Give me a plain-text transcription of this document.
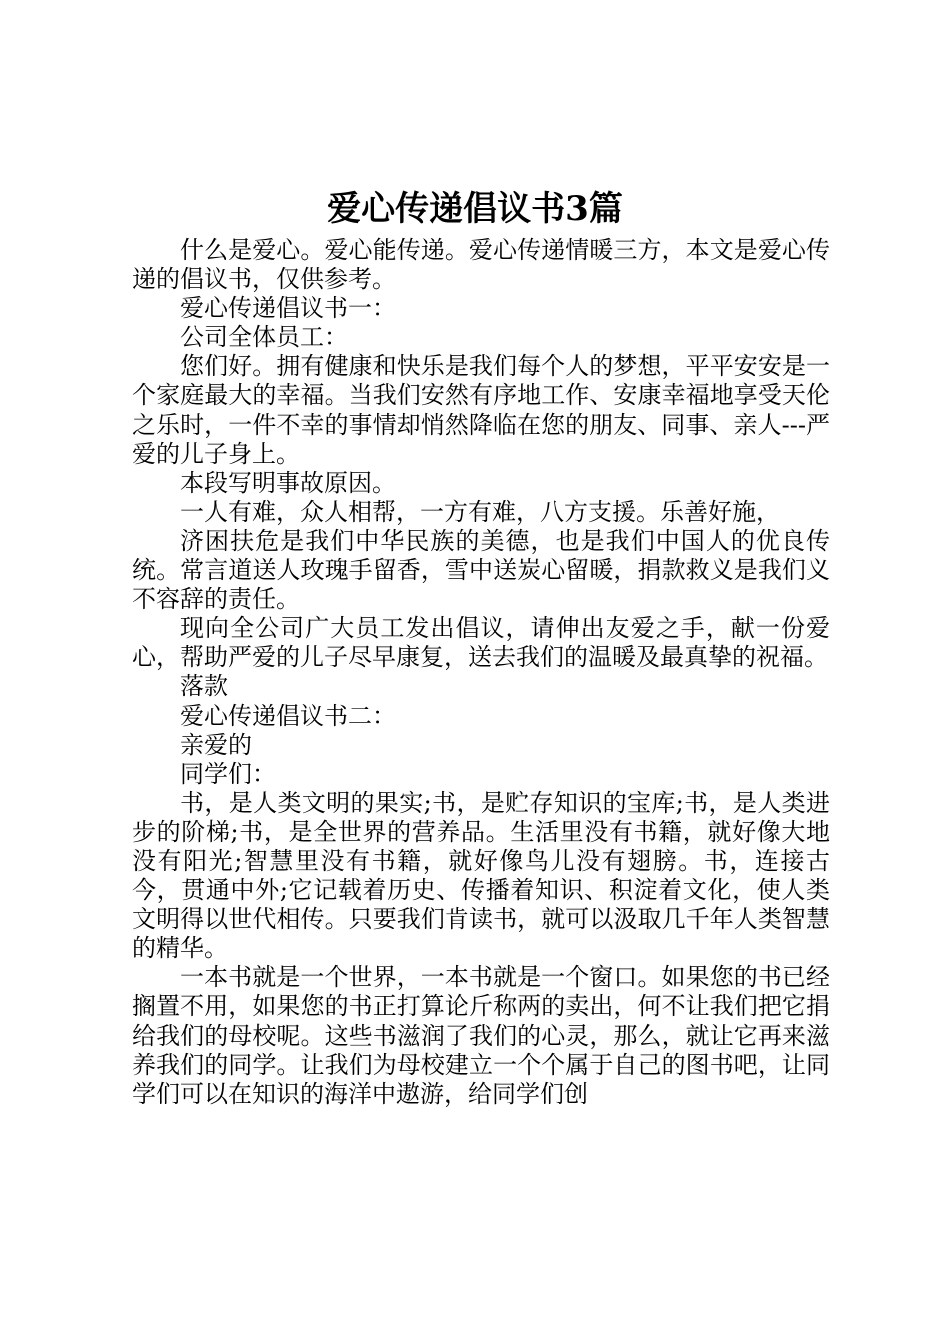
爱心传递倡议书3篇

什么是爱心。爱心能传递。爱心传递情暖三方，本文是爱心传递的倡议书，仅供参考。

爱心传递倡议书一：

公司全体员工：

您们好。拥有健康和快乐是我们每个人的梦想，平平安安是一个家庭最大的幸福。当我们安然有序地工作、安康幸福地享受天伦之乐时，一件不幸的事情却悄然降临在您的朋友、同事、亲人---严爱的儿子身上。

本段写明事故原因。

一人有难，众人相帮，一方有难，八方支援。乐善好施，

济困扶危是我们中华民族的美德，也是我们中国人的优良传统。常言道送人玫瑰手留香，雪中送炭心留暖，捐款救义是我们义不容辞的责任。

现向全公司广大员工发出倡议，请伸出友爱之手，献一份爱心，帮助严爱的儿子尽早康复，送去我们的温暖及最真挚的祝福。

落款

爱心传递倡议书二：

亲爱的

同学们：

书，是人类文明的果实;书，是贮存知识的宝库;书，是人类进步的阶梯;书，是全世界的营养品。生活里没有书籍，就好像大地没有阳光;智慧里没有书籍，就好像鸟儿没有翅膀。书，连接古今，贯通中外;它记载着历史、传播着知识、积淀着文化，使人类文明得以世代相传。只要我们肯读书，就可以汲取几千年人类智慧的精华。

一本书就是一个世界，一本书就是一个窗口。如果您的书已经搁置不用，如果您的书正打算论斤称两的卖出，何不让我们把它捐给我们的母校呢。这些书滋润了我们的心灵，那么，就让它再来滋养我们的同学。让我们为母校建立一个个属于自己的图书吧，让同学们可以在知识的海洋中遨游，给同学们创
